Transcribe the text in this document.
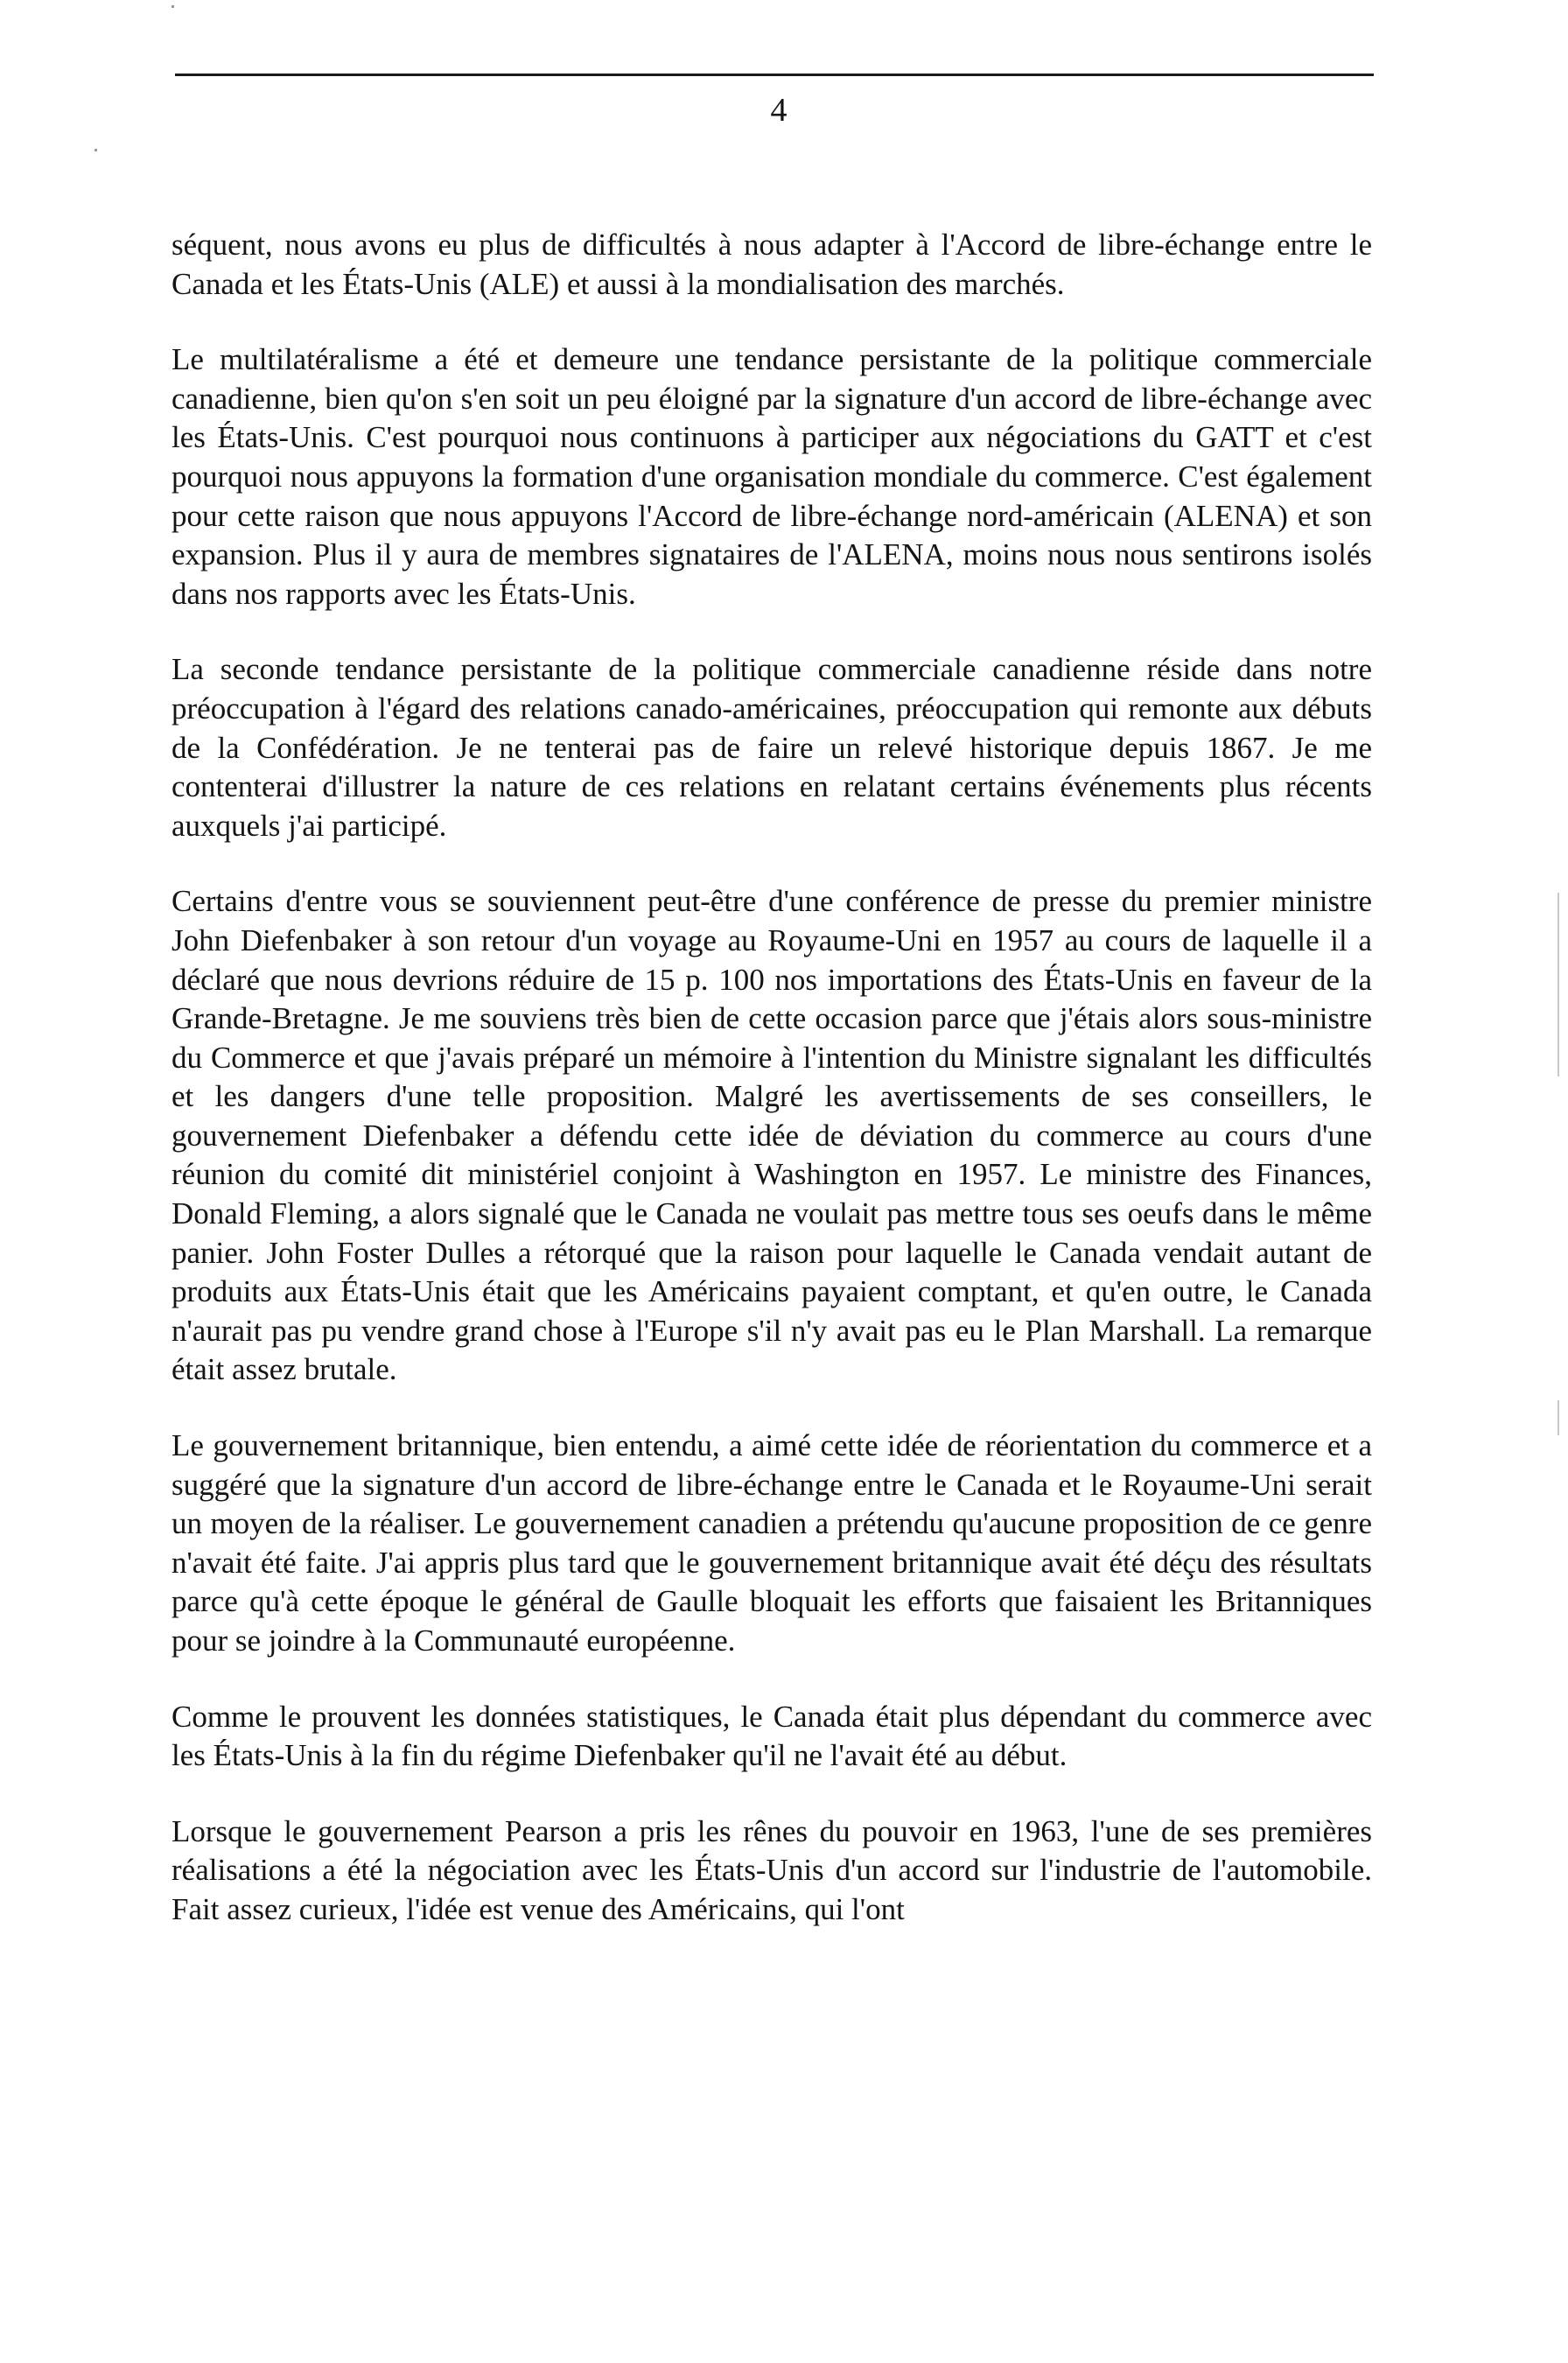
4

séquent, nous avons eu plus de difficultés à nous adapter à l'Accord de libre-échange entre le Canada et les États-Unis (ALE) et aussi à la mondialisation des marchés.

Le multilatéralisme a été et demeure une tendance persistante de la politique commerciale canadienne, bien qu'on s'en soit un peu éloigné par la signature d'un accord de libre-échange avec les États-Unis. C'est pourquoi nous continuons à participer aux négociations du GATT et c'est pourquoi nous appuyons la formation d'une organisation mondiale du commerce. C'est également pour cette raison que nous appuyons l'Accord de libre-échange nord-américain (ALENA) et son expansion. Plus il y aura de membres signataires de l'ALENA, moins nous nous sentirons isolés dans nos rapports avec les États-Unis.

La seconde tendance persistante de la politique commerciale canadienne réside dans notre préoccupation à l'égard des relations canado-américaines, préoccupation qui remonte aux débuts de la Confédération. Je ne tenterai pas de faire un relevé historique depuis 1867. Je me contenterai d'illustrer la nature de ces relations en relatant certains événements plus récents auxquels j'ai participé.

Certains d'entre vous se souviennent peut-être d'une conférence de presse du premier ministre John Diefenbaker à son retour d'un voyage au Royaume-Uni en 1957 au cours de laquelle il a déclaré que nous devrions réduire de 15 p. 100 nos importations des États-Unis en faveur de la Grande-Bretagne. Je me souviens très bien de cette occasion parce que j'étais alors sous-ministre du Commerce et que j'avais préparé un mémoire à l'intention du Ministre signalant les difficultés et les dangers d'une telle proposition. Malgré les avertissements de ses conseillers, le gouvernement Diefenbaker a défendu cette idée de déviation du commerce au cours d'une réunion du comité dit ministériel conjoint à Washington en 1957. Le ministre des Finances, Donald Fleming, a alors signalé que le Canada ne voulait pas mettre tous ses oeufs dans le même panier. John Foster Dulles a rétorqué que la raison pour laquelle le Canada vendait autant de produits aux États-Unis était que les Américains payaient comptant, et qu'en outre, le Canada n'aurait pas pu vendre grand chose à l'Europe s'il n'y avait pas eu le Plan Marshall. La remarque était assez brutale.

Le gouvernement britannique, bien entendu, a aimé cette idée de réorientation du commerce et a suggéré que la signature d'un accord de libre-échange entre le Canada et le Royaume-Uni serait un moyen de la réaliser. Le gouvernement canadien a prétendu qu'aucune proposition de ce genre n'avait été faite. J'ai appris plus tard que le gouvernement britannique avait été déçu des résultats parce qu'à cette époque le général de Gaulle bloquait les efforts que faisaient les Britanniques pour se joindre à la Communauté européenne.

Comme le prouvent les données statistiques, le Canada était plus dépendant du commerce avec les États-Unis à la fin du régime Diefenbaker qu'il ne l'avait été au début.

Lorsque le gouvernement Pearson a pris les rênes du pouvoir en 1963, l'une de ses premières réalisations a été la négociation avec les États-Unis d'un accord sur l'industrie de l'automobile. Fait assez curieux, l'idée est venue des Américains, qui l'ont
